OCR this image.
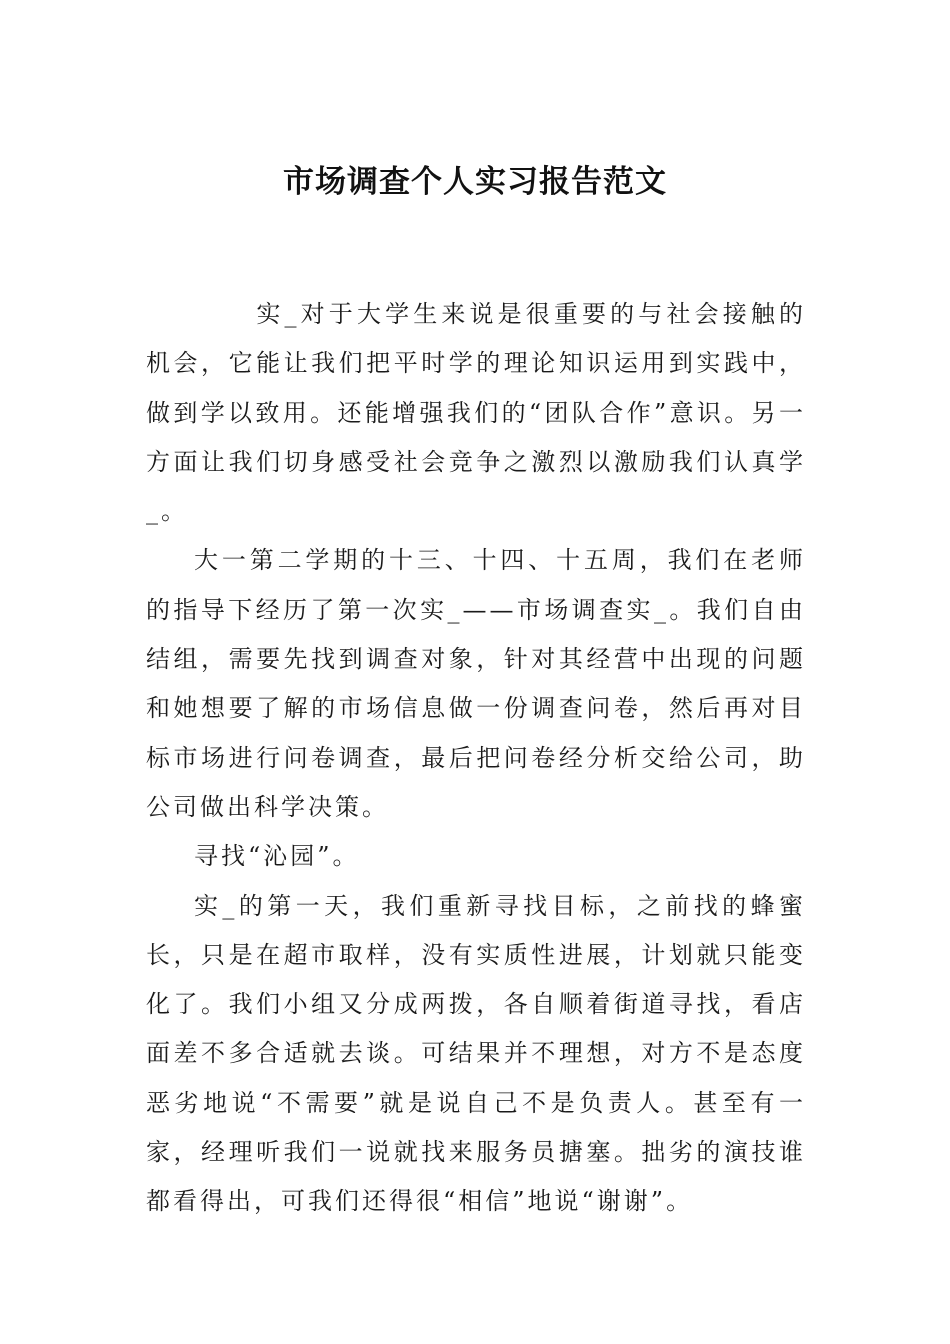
市场调查个人实习报告范文

实_对于大学生来说是很重要的与社会接触的机会，它能让我们把平时学的理论知识运用到实践中，做到学以致用。还能增强我们的“团队合作”意识。另一方面让我们切身感受社会竞争之激烈以激励我们认真学_。

大一第二学期的十三、十四、十五周，我们在老师的指导下经历了第一次实_——市场调查实_。我们自由结组，需要先找到调查对象，针对其经营中出现的问题和她想要了解的市场信息做一份调查问卷，然后再对目标市场进行问卷调查，最后把问卷经分析交给公司，助公司做出科学决策。

寻找“沁园”。

实_的第一天，我们重新寻找目标，之前找的蜂蜜长，只是在超市取样，没有实质性进展，计划就只能变化了。我们小组又分成两拨，各自顺着街道寻找，看店面差不多合适就去谈。可结果并不理想，对方不是态度恶劣地说“不需要”就是说自己不是负责人。甚至有一家，经理听我们一说就找来服务员搪塞。拙劣的演技谁都看得出，可我们还得很“相信”地说“谢谢”。
